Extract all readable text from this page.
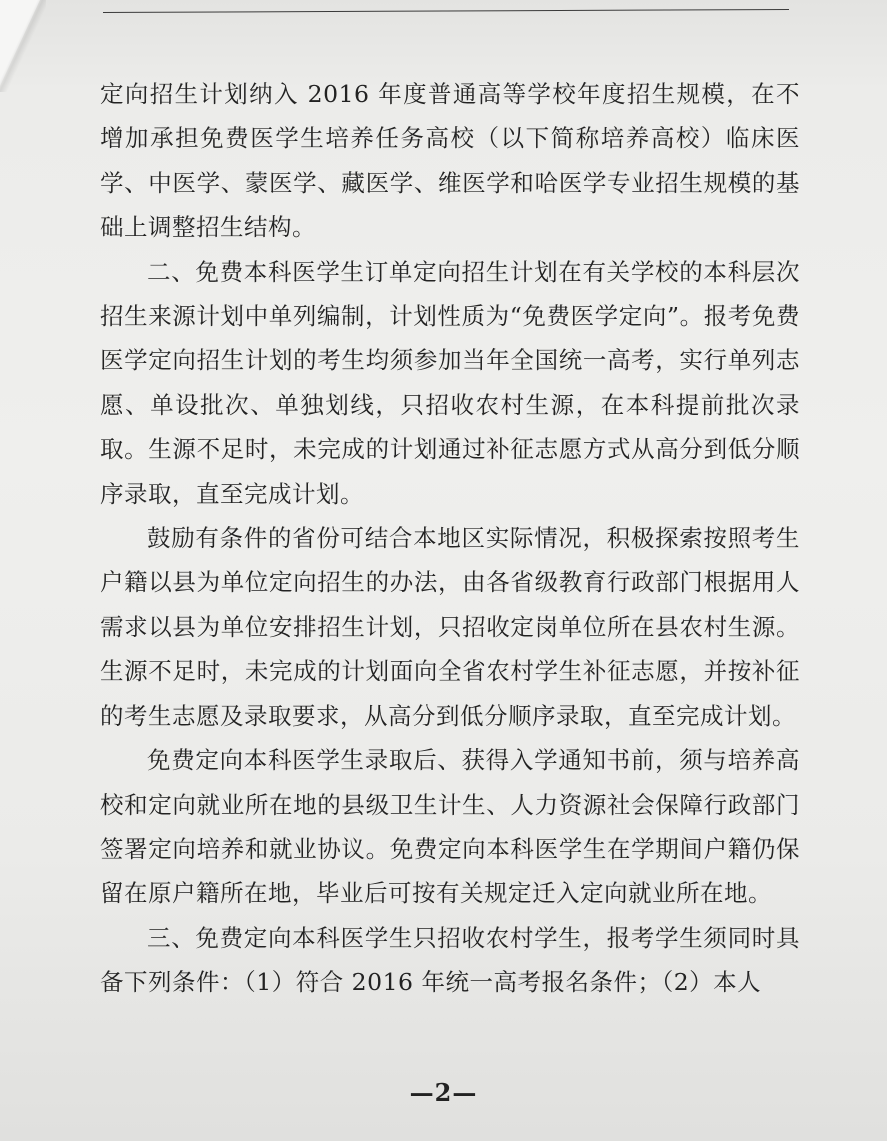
定向招生计划纳入 2016 年度普通高等学校年度招生规模，在不增加承担免费医学生培养任务高校（以下简称培养高校）临床医学、中医学、蒙医学、藏医学、维医学和哈医学专业招生规模的基础上调整招生结构。

二、免费本科医学生订单定向招生计划在有关学校的本科层次招生来源计划中单列编制，计划性质为“免费医学定向”。报考免费医学定向招生计划的考生均须参加当年全国统一高考，实行单列志愿、单设批次、单独划线，只招收农村生源，在本科提前批次录取。生源不足时，未完成的计划通过补征志愿方式从高分到低分顺序录取，直至完成计划。

鼓励有条件的省份可结合本地区实际情况，积极探索按照考生户籍以县为单位定向招生的办法，由各省级教育行政部门根据用人需求以县为单位安排招生计划，只招收定岗单位所在县农村生源。生源不足时，未完成的计划面向全省农村学生补征志愿，并按补征的考生志愿及录取要求，从高分到低分顺序录取，直至完成计划。

免费定向本科医学生录取后、获得入学通知书前，须与培养高校和定向就业所在地的县级卫生计生、人力资源社会保障行政部门签署定向培养和就业协议。免费定向本科医学生在学期间户籍仍保留在原户籍所在地，毕业后可按有关规定迁入定向就业所在地。

三、免费定向本科医学生只招收农村学生，报考学生须同时具备下列条件：（1）符合 2016 年统一高考报名条件；（2）本人

—2—
